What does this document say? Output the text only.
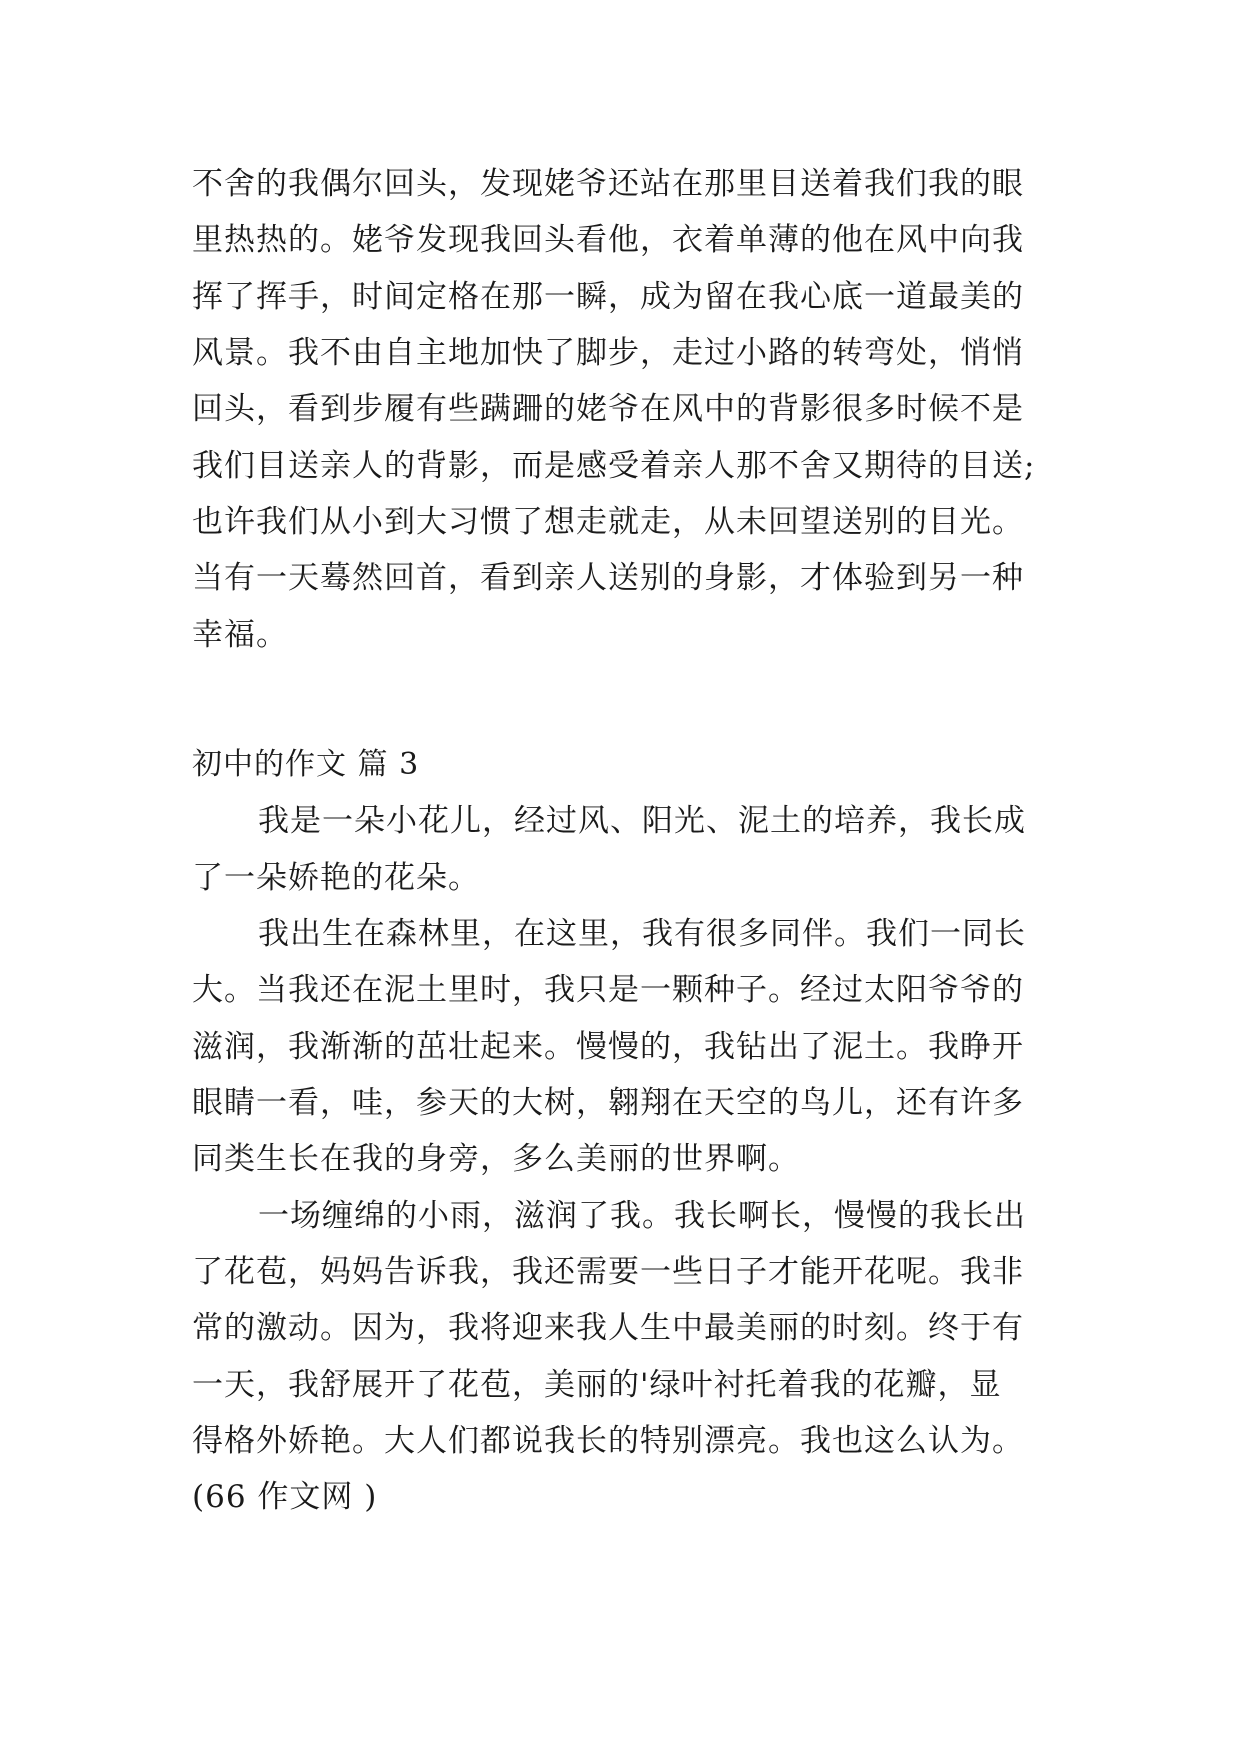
不舍的我偶尔回头，发现姥爷还站在那里目送着我们我的眼
里热热的。姥爷发现我回头看他，衣着单薄的他在风中向我
挥了挥手，时间定格在那一瞬，成为留在我心底一道最美的
风景。我不由自主地加快了脚步，走过小路的转弯处，悄悄
回头，看到步履有些蹒跚的姥爷在风中的背影很多时候不是
我们目送亲人的背影，而是感受着亲人那不舍又期待的目送;
也许我们从小到大习惯了想走就走，从未回望送别的目光。
当有一天蓦然回首，看到亲人送别的身影，才体验到另一种
幸福。
初中的作文 篇 3
我是一朵小花儿，经过风、阳光、泥土的培养，我长成
了一朵娇艳的花朵。
我出生在森林里，在这里，我有很多同伴。我们一同长
大。当我还在泥土里时，我只是一颗种子。经过太阳爷爷的
滋润，我渐渐的茁壮起来。慢慢的，我钻出了泥土。我睁开
眼睛一看，哇，参天的大树，翱翔在天空的鸟儿，还有许多
同类生长在我的身旁，多么美丽的世界啊。
一场缠绵的小雨，滋润了我。我长啊长，慢慢的我长出
了花苞，妈妈告诉我，我还需要一些日子才能开花呢。我非
常的激动。因为，我将迎来我人生中最美丽的时刻。终于有
一天，我舒展开了花苞，美丽的'绿叶衬托着我的花瓣，显
得格外娇艳。大人们都说我长的特别漂亮。我也这么认为。
(66 作文网 )
